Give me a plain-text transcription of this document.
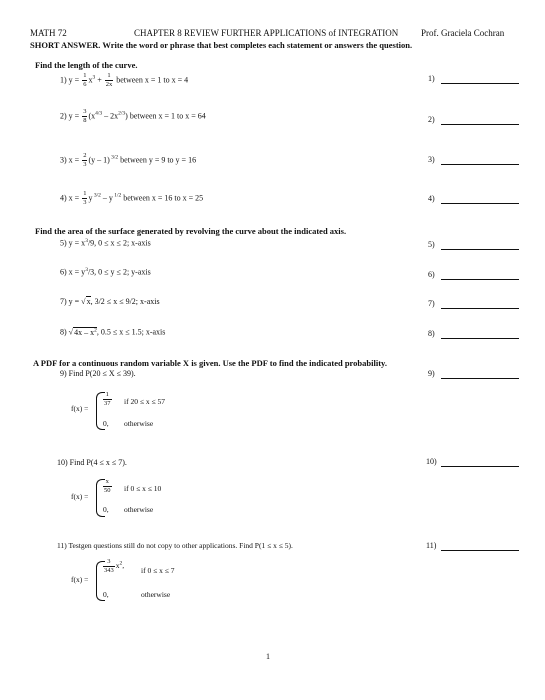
MATH 72	CHAPTER 8 REVIEW FURTHER APPLICATIONS of INTEGRATION	Prof. Graciela Cochran
SHORT ANSWER. Write the word or phrase that best completes each statement or answers the question.
Find the length of the curve.
1) $y = \frac{1}{6} x^3 + \frac{1}{2x}$ between x = 1 to x = 4
2) $y = \frac{3}{8} (x^{4/3} - 2x^{2/3})$ between x = 1 to x = 64
3) $x = \frac{2}{3} (y - 1)$ $^{3/2}$ between y = 9 to y = 16
4) $x = \frac{1}{3}$ y $^{3/2}$ – y $^{1/2}$ between x = 16 to x = 25
Find the area of the surface generated by revolving the curve about the indicated axis.
5) $y = x^3/9$, 0 ≤ x ≤ 2; x-axis
6) $x = y^3/3$, 0 ≤ y ≤ 2; y-axis
7) y = √x, 3/2 ≤ x ≤ 9/2; x-axis
8) $√4x - x^2$, 0.5 ≤ x ≤ 1.5; x-axis
A PDF for a continuous random variable X is given. Use the PDF to find the indicated probability.
9) Find P(20 ≤ X ≤ 39).
f(x) =
$\frac{1}{37}$ if 20 ≤ x ≤ 57
0, otherwise
10) Find P(4 ≤ x ≤ 7).
f(x) =
$\frac{x}{50}$ if 0 ≤ x ≤ 10
0, otherwise
11) Testgen questions still do not copy to other applications. Find P(1 ≤ x ≤ 5).
f(x) =
$\frac{3}{343} x^2$,
if 0 ≤ x ≤ 7
0,	otherwise
1)
2)
3)
4)
5)
6)
7)
8)
9)
10)
11)
1
